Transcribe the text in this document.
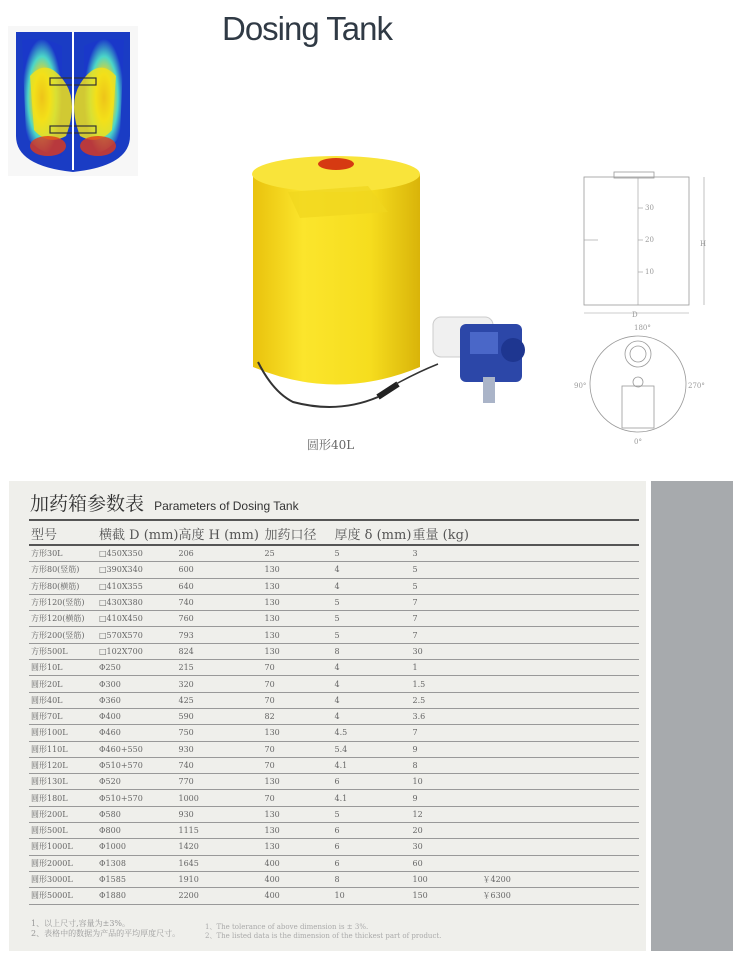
Dosing Tank
圆形40L
30
20
10
H
D
180°
90°	270°
0°
加药箱参数表 Parameters of Dosing Tank
型号	横截 D (mm)	高度 H (mm)	加药口径	厚度 δ (mm)	重量 (kg)	
方形30L	□450X350	206	25	5	3	
方形80(竖筋)	□390X340	600	130	4	5	
方形80(横筋)	□410X355	640	130	4	5	
方形120(竖筋)	□430X380	740	130	5	7	
方形120(横筋)	□410X450	760	130	5	7	
方形200(竖筋)	□570X570	793	130	5	7	
方形500L	□102X700	824	130	8	30	
圆形10L	Φ250	215	70	4	1	
圆形20L	Φ300	320	70	4	1.5	
圆形40L	Φ360	425	70	4	2.5	
圆形70L	Φ400	590	82	4	3.6	
圆形100L	Φ460	750	130	4.5	7	
圆形110L	Φ460+550	930	70	5.4	9	
圆形120L	Φ510+570	740	70	4.1	8	
圆形130L	Φ520	770	130	6	10	
圆形180L	Φ510+570	1000	70	4.1	9	
圆形200L	Φ580	930	130	5	12	
圆形500L	Φ800	1115	130	6	20	
圆形1000L	Φ1000	1420	130	6	30	
圆形2000L	Φ1308	1645	400	6	60	
圆形3000L	Φ1585	1910	400	8	100	￥4200
圆形5000L	Φ1880	2200	400	10	150	￥6300
1、以上尺寸,容量为±3%。
2、表格中的数据为产品的平均厚度尺寸。
1、The tolerance of above dimension is ± 3%.
2、The listed data is the dimension of the thickest part of product.
